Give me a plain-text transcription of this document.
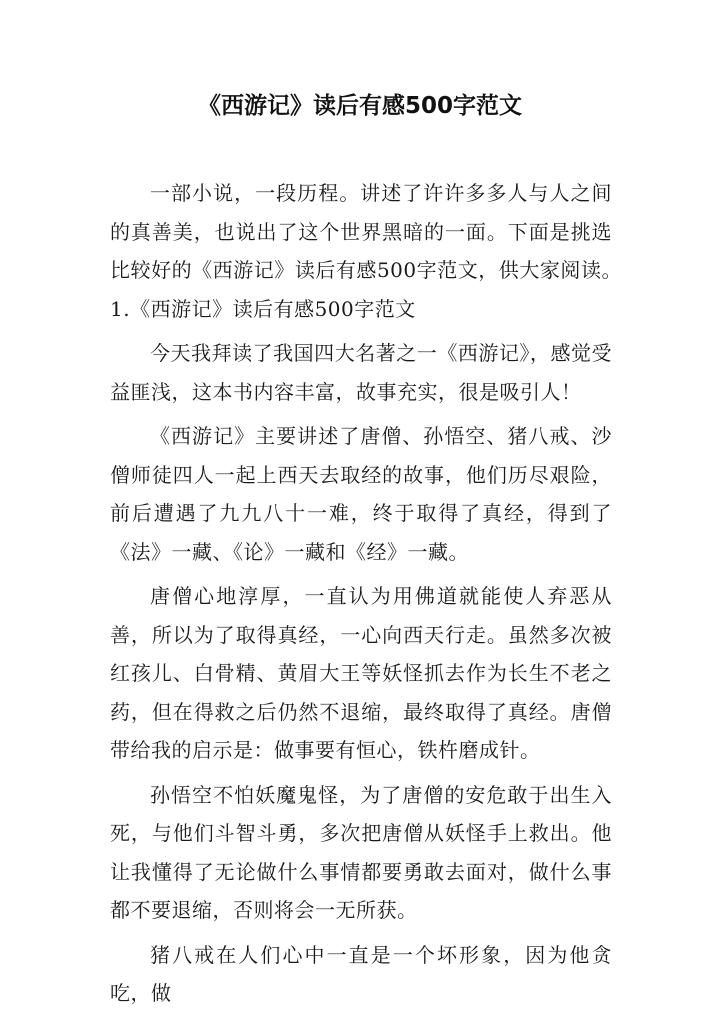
《西游记》读后有感500字范文

一部小说，一段历程。讲述了许许多多人与人之间的真善美，也说出了这个世界黑暗的一面。下面是挑选比较好的《西游记》读后有感500字范文，供大家阅读。　　1.《西游记》读后有感500字范文

今天我拜读了我国四大名著之一《西游记》，感觉受益匪浅，这本书内容丰富，故事充实，很是吸引人！

《西游记》主要讲述了唐僧、孙悟空、猪八戒、沙僧师徒四人一起上西天去取经的故事，他们历尽艰险，前后遭遇了九九八十一难，终于取得了真经，得到了《法》一藏、《论》一藏和《经》一藏。

唐僧心地淳厚，一直认为用佛道就能使人弃恶从善，所以为了取得真经，一心向西天行走。虽然多次被红孩儿、白骨精、黄眉大王等妖怪抓去作为长生不老之药，但在得救之后仍然不退缩，最终取得了真经。唐僧带给我的启示是：做事要有恒心，铁杵磨成针。

孙悟空不怕妖魔鬼怪，为了唐僧的安危敢于出生入死，与他们斗智斗勇，多次把唐僧从妖怪手上救出。他让我懂得了无论做什么事情都要勇敢去面对，做什么事都不要退缩，否则将会一无所获。

猪八戒在人们心中一直是一个坏形象，因为他贪吃，做
